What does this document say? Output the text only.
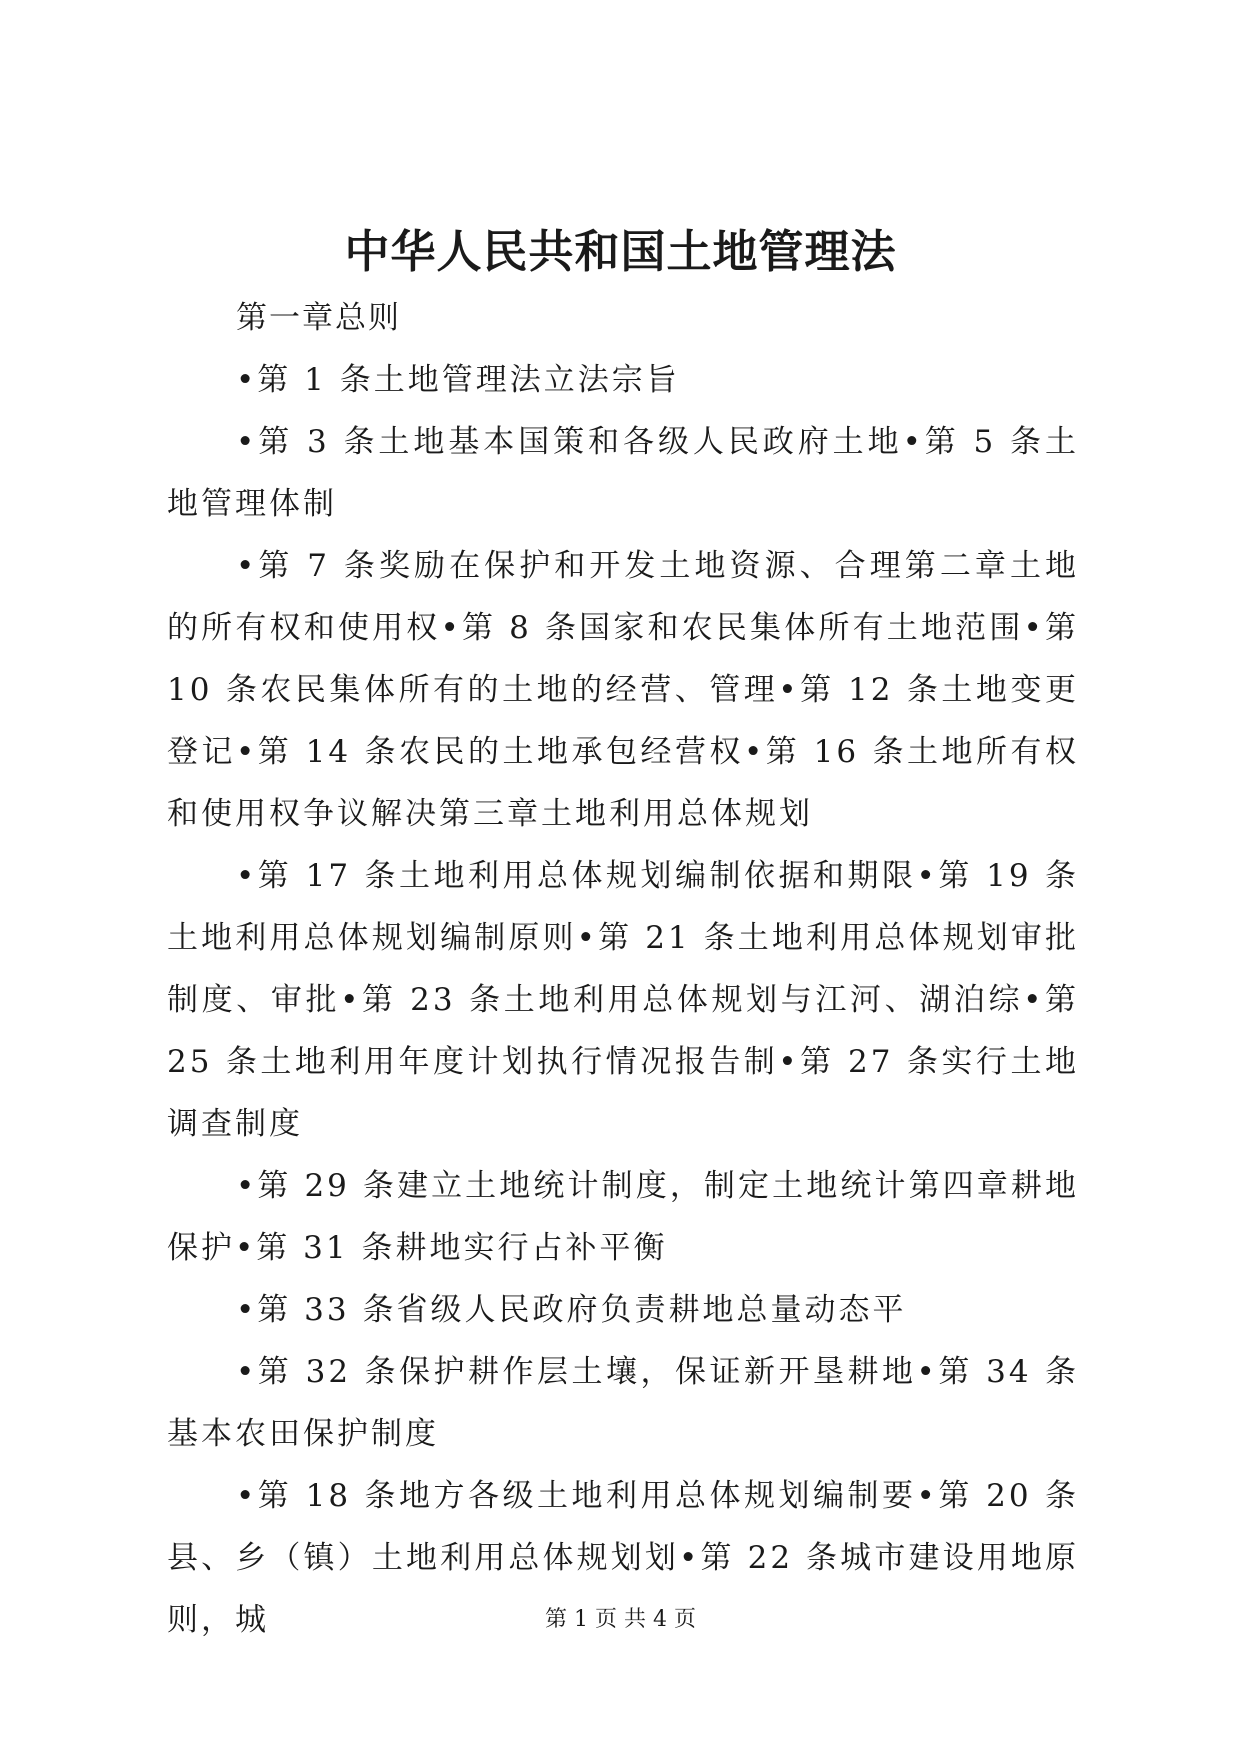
中华人民共和国土地管理法

第一章总则

•第 1 条土地管理法立法宗旨

•第 3 条土地基本国策和各级人民政府土地•第 5 条土地管理体制

•第 7 条奖励在保护和开发土地资源、合理第二章土地的所有权和使用权•第 8 条国家和农民集体所有土地范围•第 10 条农民集体所有的土地的经营、管理•第 12 条土地变更登记•第 14 条农民的土地承包经营权•第 16 条土地所有权和使用权争议解决第三章土地利用总体规划

•第 17 条土地利用总体规划编制依据和期限•第 19 条土地利用总体规划编制原则•第 21 条土地利用总体规划审批制度、审批•第 23 条土地利用总体规划与江河、湖泊综•第 25 条土地利用年度计划执行情况报告制•第 27 条实行土地调查制度

•第 29 条建立土地统计制度，制定土地统计第四章耕地保护•第 31 条耕地实行占补平衡

•第 33 条省级人民政府负责耕地总量动态平

•第 32 条保护耕作层土壤，保证新开垦耕地•第 34 条基本农田保护制度

•第 18 条地方各级土地利用总体规划编制要•第 20 条县、乡（镇）土地利用总体规划划•第 22 条城市建设用地原则，城	第 1 页 共 4 页
